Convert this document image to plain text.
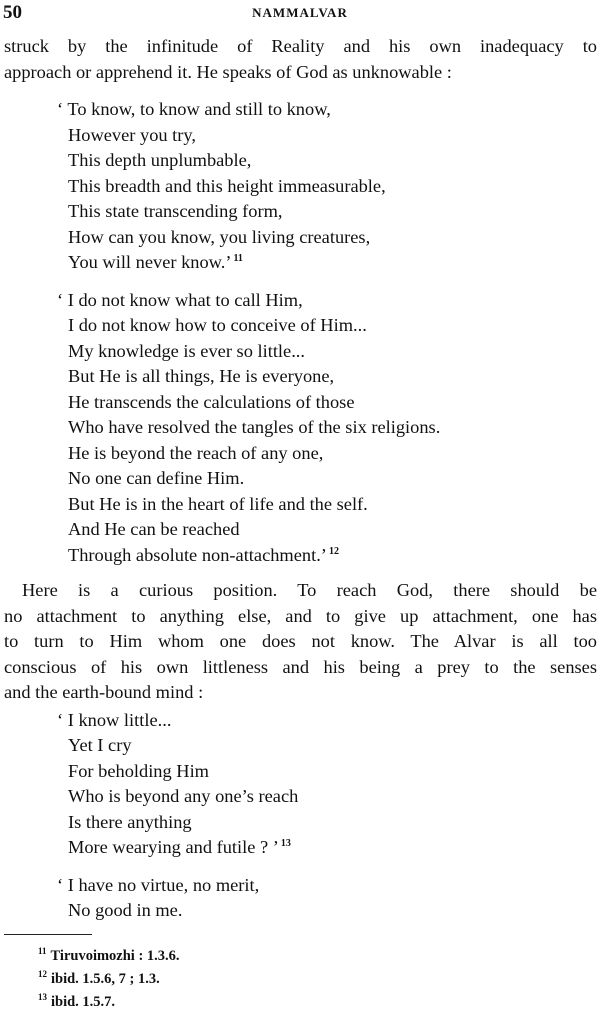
50	NAMMALVAR

struck by the infinitude of Reality and his own inadequacy to
approach or apprehend it. He speaks of God as unknowable :

‘ To know, to know and still to know,
However you try,
This depth unplumbable,
This breadth and this height immeasurable,
This state transcending form,
How can you know, you living creatures,
You will never know.’ $^{11}$
‘ I do not know what to call Him,
I do not know how to conceive of Him...
My knowledge is ever so little...
But He is all things, He is everyone,
He transcends the calculations of those
Who have resolved the tangles of the six religions.
He is beyond the reach of any one,
No one can define Him.
But He is in the heart of life and the self.
And He can be reached
Through absolute non-attachment.’ $^{12}$

Here is a curious position. To reach God, there should be
no attachment to anything else, and to give up attachment, one has
to turn to Him whom one does not know. The Alvar is all too
conscious of his own littleness and his being a prey to the senses
and the earth-bound mind :

‘ I know little...
Yet I cry
For beholding Him
Who is beyond any one’s reach
Is there anything
More wearying and futile ? ’ $^{13}$
‘ I have no virtue, no merit,
No good in me.
$^{11}$ Tiruvoimozhi : 1.3.6.
$^{12}$ ibid. 1.5.6, 7 ; 1.3.
$^{13}$ ibid. 1.5.7.
